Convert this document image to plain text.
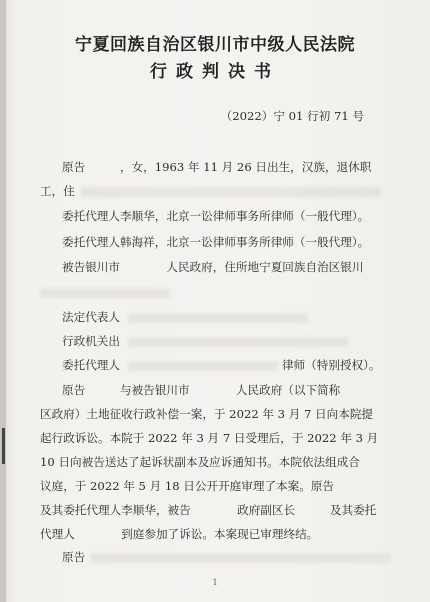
宁夏回族自治区银川市中级人民法院
行政判决书
（2022）宁 01 行初 71 号
原告　　　，女，1963 年 11 月 26 日出生，汉族，退休职
工，住
委托代理人李顺华，北京一讼律师事务所律师（一般代理）。
委托代理人韩海祥，北京一讼律师事务所律师（一般代理）。
被告银川市　　　　人民政府，住所地宁夏回族自治区银川
法定代表人
行政机关出
委托代理人	律师（特别授权）。
原告　　　与被告银川市　　　　人民政府（以下简称
区政府）土地征收行政补偿一案，于 2022 年 3 月 7 日向本院提
起行政诉讼。本院于 2022 年 3 月 7 日受理后，于 2022 年 3 月
10 日向被告送达了起诉状副本及应诉通知书。本院依法组成合
议庭，于 2022 年 5 月 18 日公开开庭审理了本案。原告
及其委托代理人李顺华，被告　　　　政府副区长　　　及其委托
代理人　　　　到庭参加了诉讼。本案现已审理终结。
原告
1
